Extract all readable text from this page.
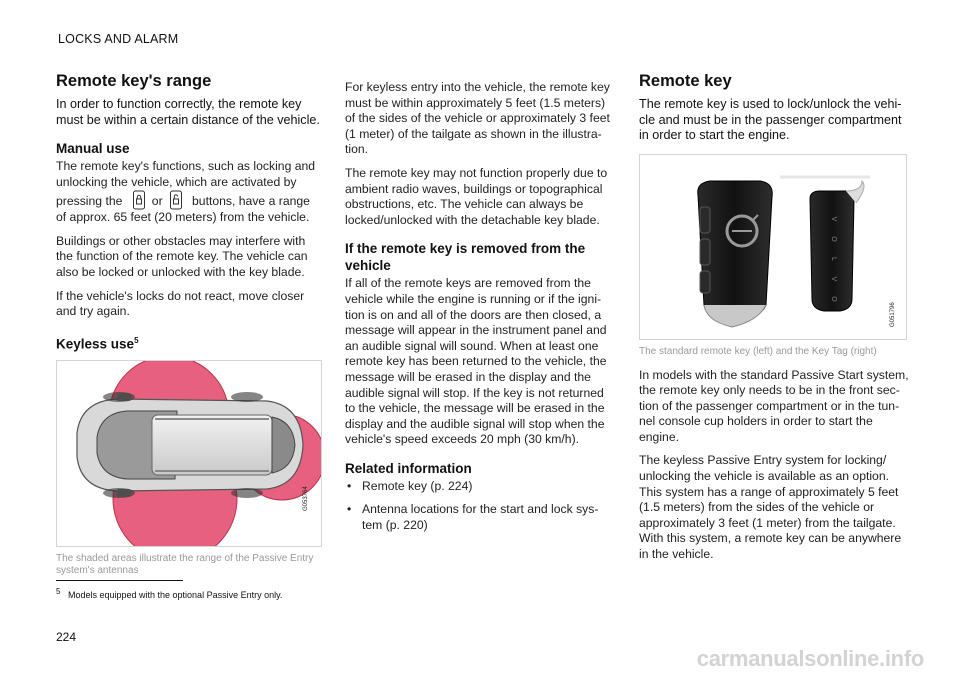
LOCKS AND ALARM
Remote key's range
In order to function correctly, the remote key must be within a certain distance of the vehicle.
Manual use

The remote key's functions, such as locking and unlocking the vehicle, which are activated by pressing the or buttons, have a range of approx. 65 feet (20 meters) from the vehicle.

Buildings or other obstacles may interfere with the function of the remote key. The vehicle can also be locked or unlocked with the key blade.

If the vehicle's locks do not react, move closer and try again.

Keyless use$^5$
G053764
The shaded areas illustrate the range of the Passive Entry system's antennas

For keyless entry into the vehicle, the remote key must be within approximately 5 feet (1.5 meters) of the sides of the vehicle or approximately 3 feet (1 meter) of the tailgate as shown in the illustra- tion.

The remote key may not function properly due to ambient radio waves, buildings or topographical obstructions, etc. The vehicle can always be locked/unlocked with the detachable key blade.

If the remote key is removed from the vehicle

If all of the remote keys are removed from the vehicle while the engine is running or if the igni- tion is on and all of the doors are then closed, a message will appear in the instrument panel and an audible signal will sound. When at least one remote key has been returned to the vehicle, the message will be erased in the display and the audible signal will stop. If the key is not returned to the vehicle, the message will be erased in the display and the audible signal will stop when the vehicle's speed exceeds 20 mph (30 km/h).

Related information
• Remote key (p. 224)
• Antenna locations for the start and lock sys- tem (p. 220)
Remote key
The remote key is used to lock/unlock the vehi- cle and must be in the passenger compartment in order to start the engine.
V
O
L
V
O
G051796
The standard remote key (left) and the Key Tag (right)

In models with the standard Passive Start system, the remote key only needs to be in the front sec- tion of the passenger compartment or in the tun- nel console cup holders in order to start the engine.

The keyless Passive Entry system for locking/ unlocking the vehicle is available as an option. This system has a range of approximately 5 feet (1.5 meters) from the sides of the vehicle or approximately 3 feet (1 meter) from the tailgate. With this system, a remote key can be anywhere in the vehicle.

$^5$ Models equipped with the optional Passive Entry only.
224
carmanualsonline.info
